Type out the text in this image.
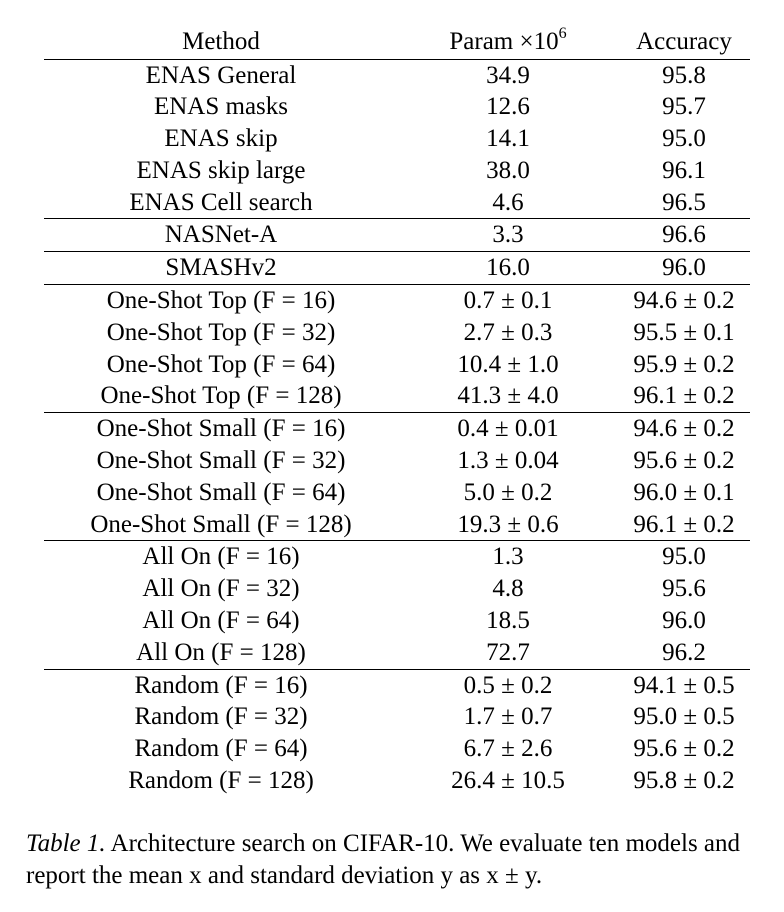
Method	Param $\times 10^6$	Accuracy
ENAS General	34.9	95.8
ENAS masks	12.6	95.7
ENAS skip	14.1	95.0
ENAS skip large	38.0	96.1
ENAS Cell search	4.6	96.5
NASNet-A	3.3	96.6
SMASHv2	16.0	96.0
One-Shot Top (F = 16)	0.7 ± 0.1	94.6 ± 0.2
One-Shot Top (F = 32)	2.7 ± 0.3	95.5 ± 0.1
One-Shot Top (F = 64)	10.4 ± 1.0	95.9 ± 0.2
One-Shot Top (F = 128)	41.3 ± 4.0	96.1 ± 0.2
One-Shot Small (F = 16)	0.4 ± 0.01	94.6 ± 0.2
One-Shot Small (F = 32)	1.3 ± 0.04	95.6 ± 0.2
One-Shot Small (F = 64)	5.0 ± 0.2	96.0 ± 0.1
One-Shot Small (F = 128)	19.3 ± 0.6	96.1 ± 0.2
All On (F = 16)	1.3	95.0
All On (F = 32)	4.8	95.6
All On (F = 64)	18.5	96.0
All On (F = 128)	72.7	96.2
Random (F = 16)	0.5 ± 0.2	94.1 ± 0.5
Random (F = 32)	1.7 ± 0.7	95.0 ± 0.5
Random (F = 64)	6.7 ± 2.6	95.6 ± 0.2
Random (F = 128)	26.4 ± 10.5	95.8 ± 0.2
Table 1. Architecture search on CIFAR-10. We evaluate ten models and report the mean x and standard deviation y as x ± y.
